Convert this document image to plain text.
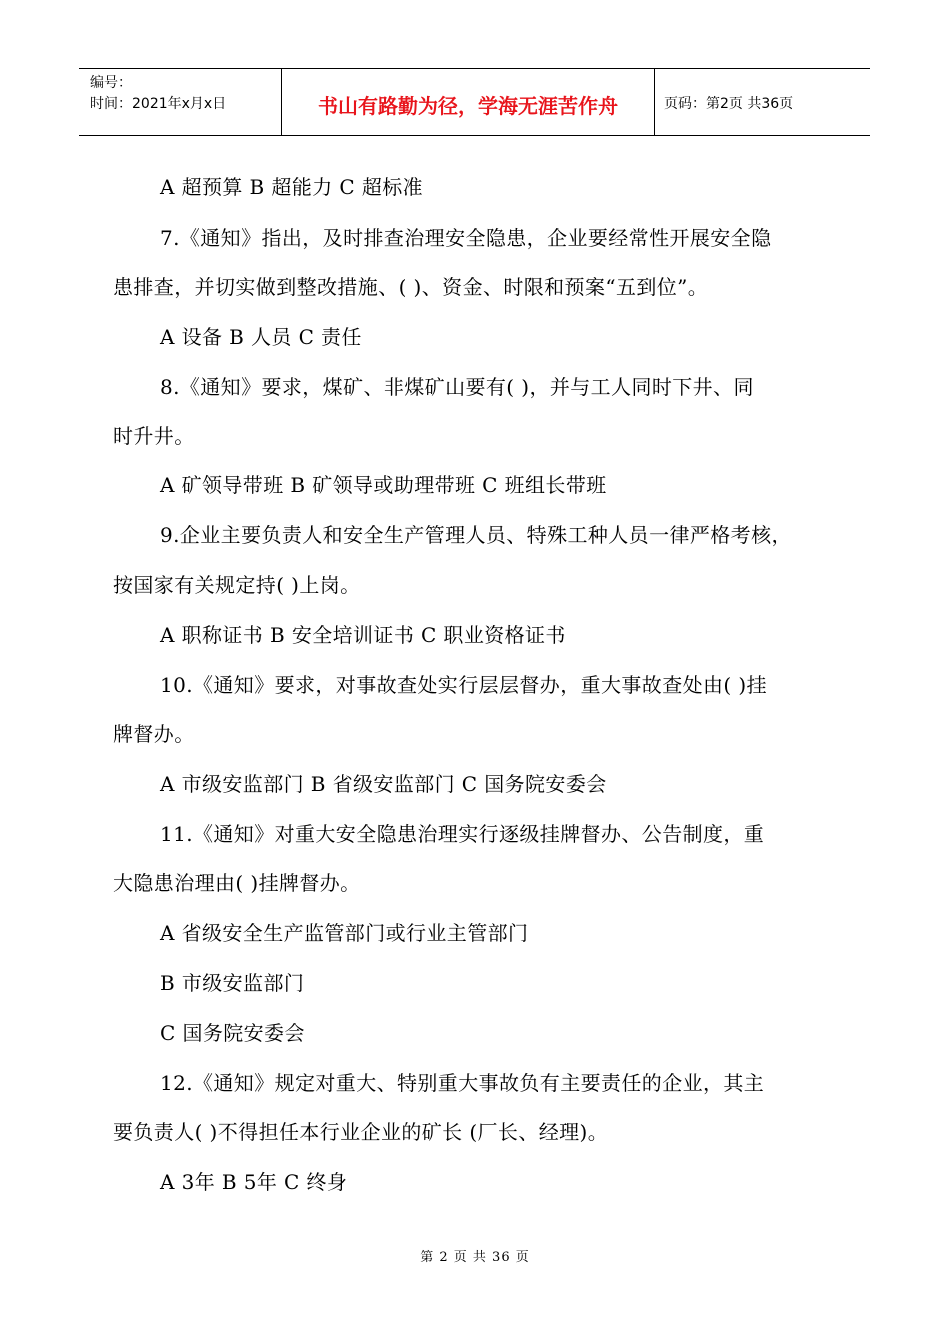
编号：
时间：2021年x月x日	书山有路勤为径，学海无涯苦作舟	页码：第2页 共36页
A 超预算 B 超能力 C 超标准
7.《通知》指出，及时排查治理安全隐患，企业要经常性开展安全隐
患排查，并切实做到整改措施、( )、资金、时限和预案“五到位”。
A 设备 B 人员 C 责任
8.《通知》要求，煤矿、非煤矿山要有( )，并与工人同时下井、同
时升井。
A 矿领导带班 B 矿领导或助理带班 C 班组长带班
9.企业主要负责人和安全生产管理人员、特殊工种人员一律严格考核，
按国家有关规定持( )上岗。
A 职称证书 B 安全培训证书 C 职业资格证书
10.《通知》要求，对事故查处实行层层督办，重大事故查处由( )挂
牌督办。
A 市级安监部门 B 省级安监部门 C 国务院安委会
11.《通知》对重大安全隐患治理实行逐级挂牌督办、公告制度，重
大隐患治理由( )挂牌督办。
A 省级安全生产监管部门或行业主管部门
B 市级安监部门
C 国务院安委会
12.《通知》规定对重大、特别重大事故负有主要责任的企业，其主
要负责人( )不得担任本行业企业的矿长 (厂长、经理)。
A 3年 B 5年 C 终身
第 2 页 共 36 页
